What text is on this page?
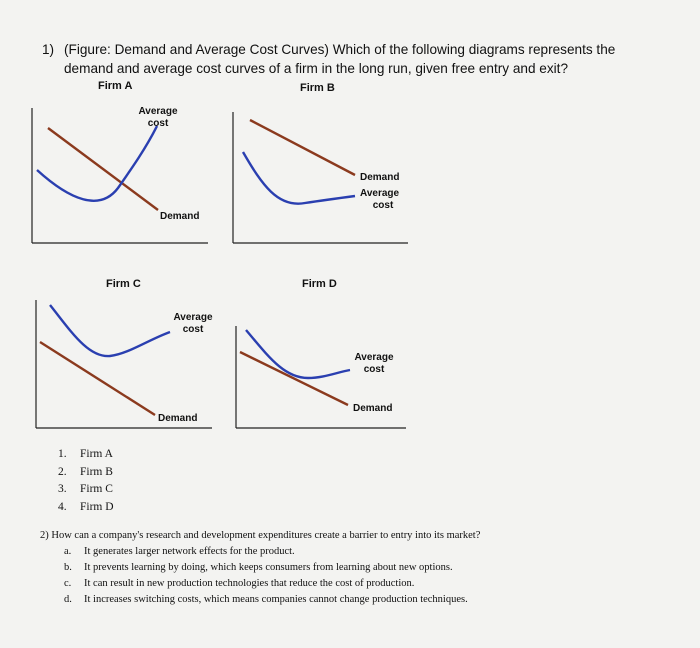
1) (Figure: Demand and Average Cost Curves) Which of the following diagrams represents the demand and average cost curves of a firm in the long run, given free entry and exit?
Firm A
Average
cost
Demand
Demand
Average
cost
Average
cost
Demand
Average
cost
Demand
Firm B
Firm C	Firm D
1. Firm A
2. Firm B
3. Firm C
4. Firm D
2) How can a company's research and development expenditures create a barrier to entry into its market?
a. It generates larger network effects for the product.
b. It prevents learning by doing, which keeps consumers from learning about new options.
c. It can result in new production technologies that reduce the cost of production.
d. It increases switching costs, which means companies cannot change production techniques.
